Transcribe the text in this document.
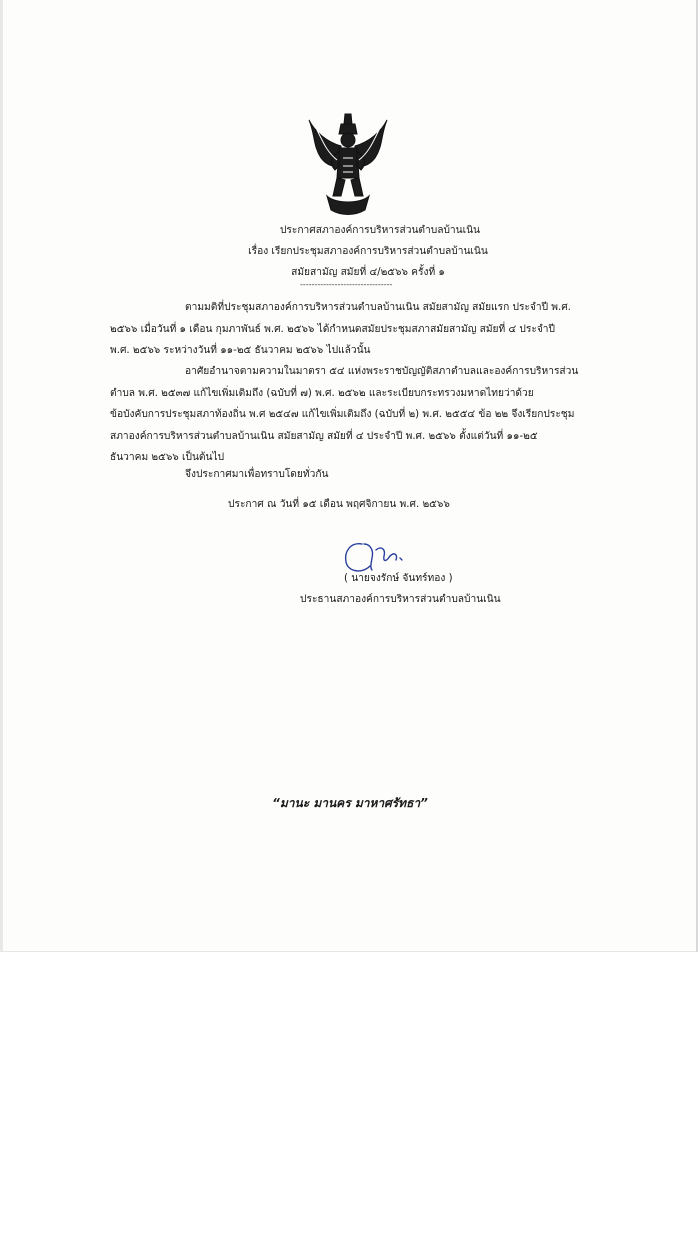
ประกาศสภาองค์การบริหารส่วนตำบลบ้านเนิน
เรื่อง เรียกประชุมสภาองค์การบริหารส่วนตำบลบ้านเนิน
สมัยสามัญ สมัยที่ ๔/๒๕๖๖ ครั้งที่ ๑
--------------------------------
ตามมติที่ประชุมสภาองค์การบริหารส่วนตำบลบ้านเนิน สมัยสามัญ สมัยแรก ประจำปี พ.ศ.
๒๕๖๖ เมื่อวันที่ ๑ เดือน กุมภาพันธ์ พ.ศ. ๒๕๖๖ ได้กำหนดสมัยประชุมสภาสมัยสามัญ สมัยที่ ๔ ประจำปี
พ.ศ. ๒๕๖๖ ระหว่างวันที่ ๑๑-๒๕ ธันวาคม ๒๕๖๖ ไปแล้วนั้น
อาศัยอำนาจตามความในมาตรา ๕๔ แห่งพระราชบัญญัติสภาตำบลและองค์การบริหารส่วน
ตำบล พ.ศ. ๒๕๓๗ แก้ไขเพิ่มเติมถึง (ฉบับที่ ๗) พ.ศ. ๒๕๖๒ และระเบียบกระทรวงมหาดไทยว่าด้วย
ข้อบังคับการประชุมสภาท้องถิ่น พ.ศ ๒๕๔๗ แก้ไขเพิ่มเติมถึง (ฉบับที่ ๒) พ.ศ. ๒๕๕๔ ข้อ ๒๒ จึงเรียกประชุม
สภาองค์การบริหารส่วนตำบลบ้านเนิน สมัยสามัญ สมัยที่ ๔ ประจำปี พ.ศ. ๒๕๖๖ ตั้งแต่วันที่ ๑๑-๒๕
ธันวาคม ๒๕๖๖ เป็นต้นไป
จึงประกาศมาเพื่อทราบโดยทั่วกัน
ประกาศ ณ วันที่ ๑๕ เดือน พฤศจิกายน พ.ศ. ๒๕๖๖
( นายจงรักษ์ จันทร์ทอง )
ประธานสภาองค์การบริหารส่วนตำบลบ้านเนิน
“มานะ มานคร มาหาศรัทธา”
